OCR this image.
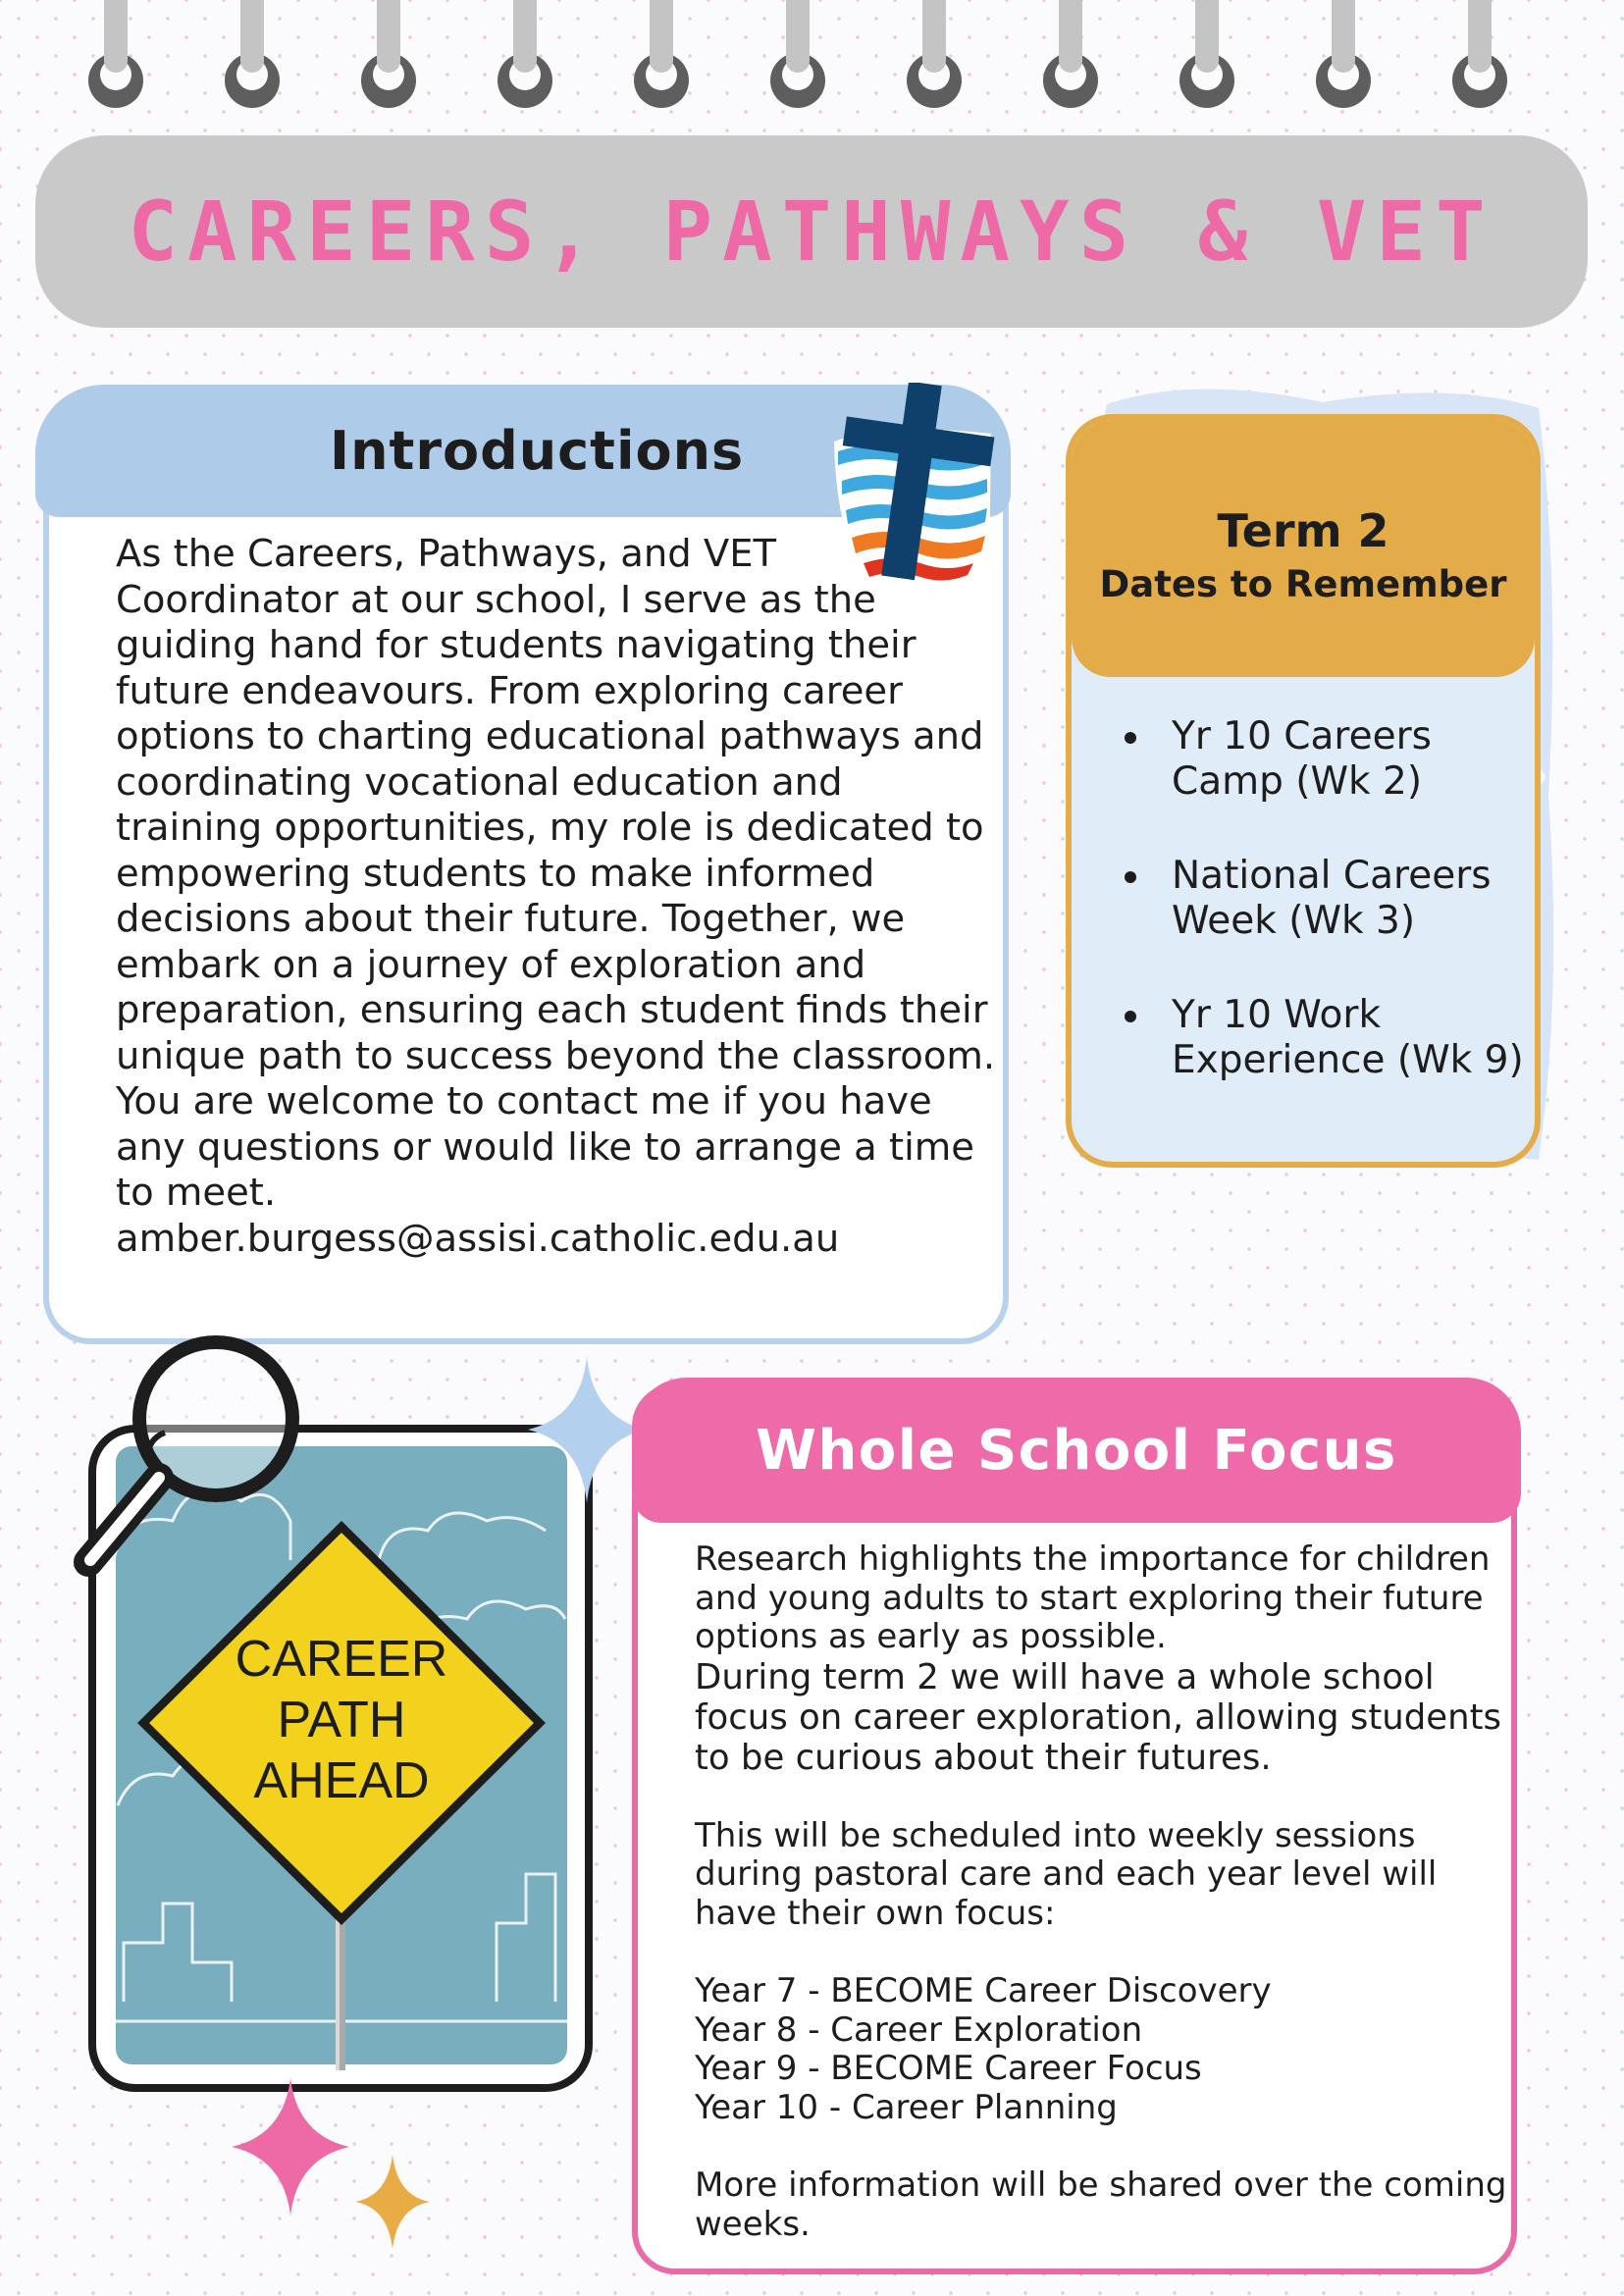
CAREERS, PATHWAYS & VET
Introductions

As the Careers, Pathways, and VET Coordinator at our school, I serve as the guiding hand for students navigating their future endeavours. From exploring career options to charting educational pathways and coordinating vocational education and training opportunities, my role is dedicated to empowering students to make informed decisions about their future. Together, we embark on a journey of exploration and preparation, ensuring each student finds their unique path to success beyond the classroom.

You are welcome to contact me if you have any questions or would like to arrange a time to meet.

amber.burgess@assisi.catholic.edu.au

Term 2
Dates to Remember
Yr 10 Careers Camp (Wk 2)
National Careers Week (Wk 3)
Yr 10 Work Experience (Wk 9)
CAREER
PATH
AHEAD
Whole School Focus

Research highlights the importance for children and young adults to start exploring their future options as early as possible.

During term 2 we will have a whole school focus on career exploration, allowing students to be curious about their futures.

This will be scheduled into weekly sessions during pastoral care and each year level will have their own focus:

Year 7 - BECOME Career Discovery

Year 8 - Career Exploration

Year 9 - BECOME Career Focus

Year 10 - Career Planning

More information will be shared over the coming weeks.
